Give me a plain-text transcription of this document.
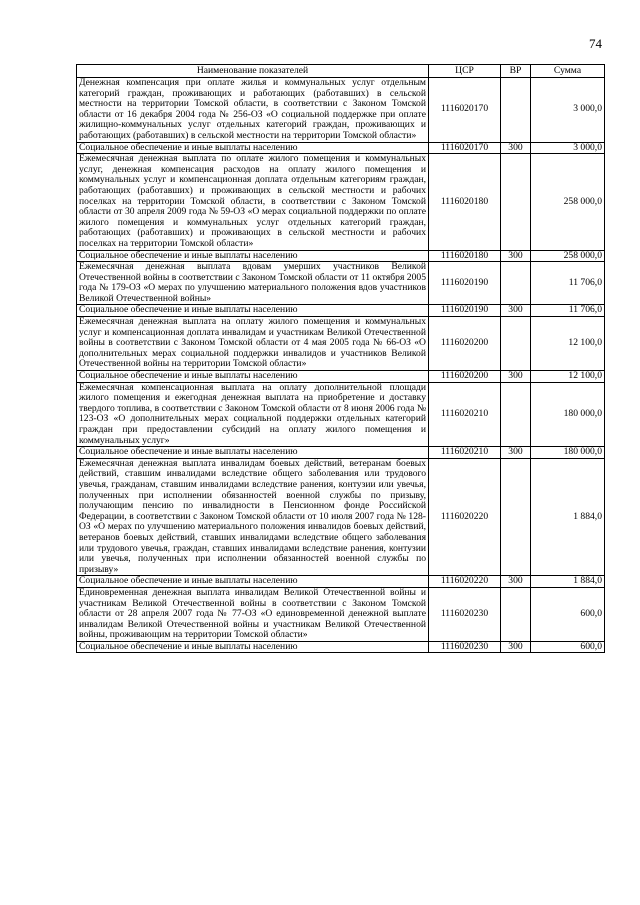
74
Наименование показателей	ЦСР	ВР	Сумма
Денежная компенсация при оплате жилья и коммунальных услуг отдельным категорий граждан, проживающих и работающих (работавших) в сельской местности на территории Томской области, в соответствии с Законом Томской области от 16 декабря 2004 года № 256-ОЗ «О социальной поддержке при оплате жилищно-коммунальных услуг отдельных категорий граждан, проживающих и работающих (работавших) в сельской местности на территории Томской области»	1116020170		3 000,0
Социальное обеспечение и иные выплаты населению	1116020170	300	3 000,0
Ежемесячная денежная выплата по оплате жилого помещения и коммунальных услуг, денежная компенсация расходов на оплату жилого помещения и коммунальных услуг и компенсационная доплата отдельным категориям граждан, работающих (работавших) и проживающих в сельской местности и рабочих поселках на территории Томской области, в соответствии с Законом Томской области от 30 апреля 2009 года № 59-ОЗ «О мерах социальной поддержки по оплате жилого помещения и коммунальных услуг отдельных категорий граждан, работающих (работавших) и проживающих в сельской местности и рабочих поселках на территории Томской области»	1116020180		258 000,0
Социальное обеспечение и иные выплаты населению	1116020180	300	258 000,0
Ежемесячная денежная выплата вдовам умерших участников Великой Отечественной войны в соответствии с Законом Томской области от 11 октября 2005 года № 179-ОЗ «О мерах по улучшению материального положения вдов участников Великой Отечественной войны»	1116020190		11 706,0
Социальное обеспечение и иные выплаты населению	1116020190	300	11 706,0
Ежемесячная денежная выплата на оплату жилого помещения и коммунальных услуг и компенсационная доплата инвалидам и участникам Великой Отечественной войны в соответствии с Законом Томской области от 4 мая 2005 года № 66-ОЗ «О дополнительных мерах социальной поддержки инвалидов и участников Великой Отечественной войны на территории Томской области»	1116020200		12 100,0
Социальное обеспечение и иные выплаты населению	1116020200	300	12 100,0
Ежемесячная компенсационная выплата на оплату дополнительной площади жилого помещения и ежегодная денежная выплата на приобретение и доставку твердого топлива, в соответствии с Законом Томской области от 8 июня 2006 года № 123-ОЗ «О дополнительных мерах социальной поддержки отдельных категорий граждан при предоставлении субсидий на оплату жилого помещения и коммунальных услуг»	1116020210		180 000,0
Социальное обеспечение и иные выплаты населению	1116020210	300	180 000,0
Ежемесячная денежная выплата инвалидам боевых действий, ветеранам боевых действий, ставшим инвалидами вследствие общего заболевания или трудового увечья, гражданам, ставшим инвалидами вследствие ранения, контузии или увечья, полученных при исполнении обязанностей военной службы по призыву, получающим пенсию по инвалидности в Пенсионном фонде Российской Федерации, в соответствии с Законом Томской области от 10 июля 2007 года № 128-ОЗ «О мерах по улучшению материального положения инвалидов боевых действий, ветеранов боевых действий, ставших инвалидами вследствие общего заболевания или трудового увечья, граждан, ставших инвалидами вследствие ранения, контузии или увечья, полученных при исполнении обязанностей военной службы по призыву»	1116020220		1 884,0
Социальное обеспечение и иные выплаты населению	1116020220	300	1 884,0
Единовременная денежная выплата инвалидам Великой Отечественной войны и участникам Великой Отечественной войны в соответствии с Законом Томской области от 28 апреля 2007 года № 77-ОЗ «О единовременной денежной выплате инвалидам Великой Отечественной войны и участникам Великой Отечественной войны, проживающим на территории Томской области»	1116020230		600,0
Социальное обеспечение и иные выплаты населению	1116020230	300	600,0
